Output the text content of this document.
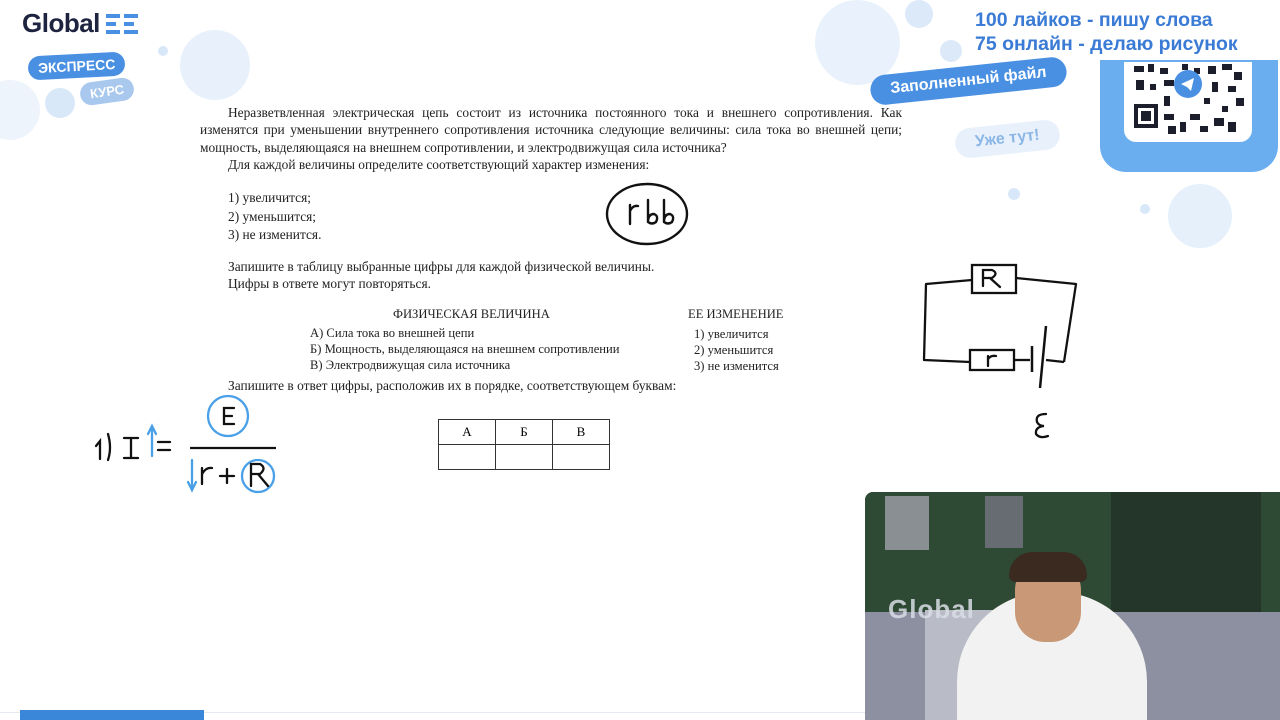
Global
ЭКСПРЕСС
КУРС

Неразветвленная электрическая цепь состоит из источника постоянного тока и внешнего сопротивления. Как изменятся при уменьшении внутреннего сопротивления источника следующие величины: сила тока во внешней цепи; мощность, выделяющаяся на внешнем сопротивлении, и электродвижущая сила источника?

Для каждой величины определите соответствующий характер изменения:

1) увеличится;
2) уменьшится;
3) не изменится.

Запишите в таблицу выбранные цифры для каждой физической величины.

Цифры в ответе могут повторяться.

ФИЗИЧЕСКАЯ ВЕЛИЧИНА	ЕЕ ИЗМЕНЕНИЕ
А) Сила тока во внешней цепи
Б) Мощность, выделяющаяся на внешнем сопротивлении
В) Электродвижущая сила источника
1) увеличится
2) уменьшится
3) не изменится
Запишите в ответ цифры, расположив их в порядке, соответствующем буквам:
А	Б	В

100 лайков - пишу слова
75 онлайн - делаю рисунок
Заполненный файл
Уже тут!
Global
